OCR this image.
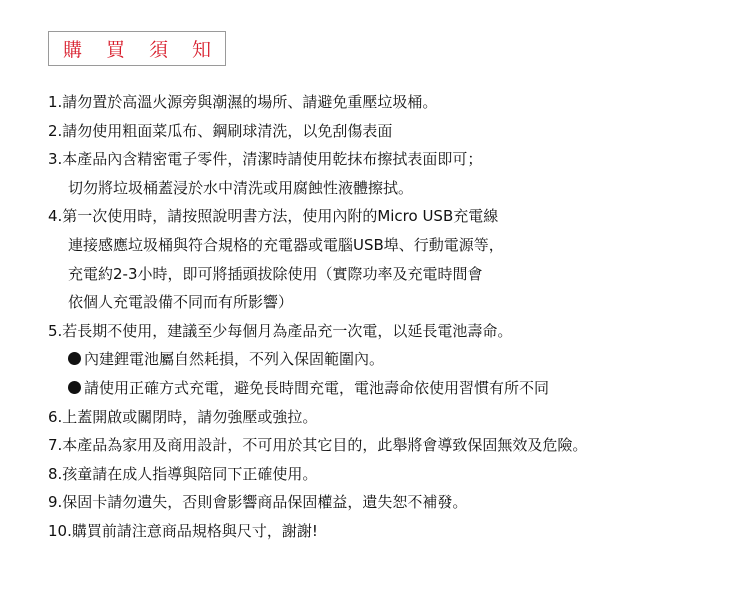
購 買 須 知
1.請勿置於高溫火源旁與潮濕的場所、請避免重壓垃圾桶。
2.請勿使用粗面菜瓜布、鋼刷球清洗，以免刮傷表面
3.本產品內含精密電子零件，清潔時請使用乾抹布擦拭表面即可；
切勿將垃圾桶蓋浸於水中清洗或用腐蝕性液體擦拭。
4.第一次使用時，請按照說明書方法，使用內附的Micro USB充電線
連接感應垃圾桶與符合規格的充電器或電腦USB埠、行動電源等，
充電約2-3小時，即可將插頭拔除使用（實際功率及充電時間會
依個人充電設備不同而有所影響）
5.若長期不使用，建議至少每個月為產品充一次電，以延長電池壽命。
內建鋰電池屬自然耗損，不列入保固範圍內。
請使用正確方式充電，避免長時間充電，電池壽命依使用習慣有所不同
6.上蓋開啟或關閉時，請勿強壓或強拉。
7.本產品為家用及商用設計，不可用於其它目的，此舉將會導致保固無效及危險。
8.孩童請在成人指導與陪同下正確使用。
9.保固卡請勿遺失，否則會影響商品保固權益，遺失恕不補發。
10.購買前請注意商品規格與尺寸，謝謝!
